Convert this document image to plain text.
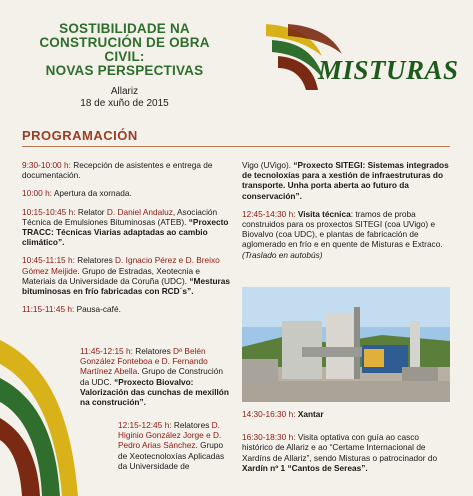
SOSTIBILIDADE NA
CONSTRUCIÓN DE OBRA
CIVIL:
NOVAS PERSPECTIVAS
Allariz
18 de xuño de 2015
MISTURAS
PROGRAMACIÓN

9:30-10:00 h: Recepción de asistentes e entrega de documentación.

10:00 h: Apertura da xornada.

10:15-10:45 h: Relator D. Daniel Andaluz, Asociación Técnica de Emulsiones Bituminosas (ATEB). “Proxecto TRACC: Técnicas Viarias adaptadas ao cambio climático”.

10:45-11:15 h: Relatores D. Ignacio Pérez e D. Breixo Gómez Meijide. Grupo de Estradas, Xeotecnia e Materiais da Universidade da Coruña (UDC). “Mesturas bituminosas en frío fabricadas con RCD´s”.

11:15-11:45 h: Pausa-café.

11:45-12:15 h: Relatores Dª Belén González Fonteboa e D. Fernando Martínez Abella. Grupo de Construción da UDC. “Proxecto Biovalvo: Valorización das cunchas de mexillón na construción”.

12:15-12:45 h: Relatores D. Higinio González Jorge e D. Pedro Arias Sánchez. Grupo de Xeotecnoloxías Aplicadas da Universidade de

Vigo (UVigo). “Proxecto SITEGI: Sistemas integrados de tecnoloxías para a xestión de infraestruturas do transporte. Unha porta aberta ao futuro da conservación”.

12:45-14:30 h: Visita técnica: tramos de proba construidos para os proxectos SITEGI (coa UVigo) e Biovalvo (coa UDC), e plantas de fabricación de aglomerado en frío e en quente de Misturas e Extraco.

(Traslado en autobús)

14:30-16:30 h: Xantar

16:30-18:30 h: Visita optativa con guía ao casco histórico de Allariz e ao “Certame Internacional de Xardíns de Allariz”, sendo Misturas o patrocinador do Xardín nº 1 “Cantos de Sereas”.
